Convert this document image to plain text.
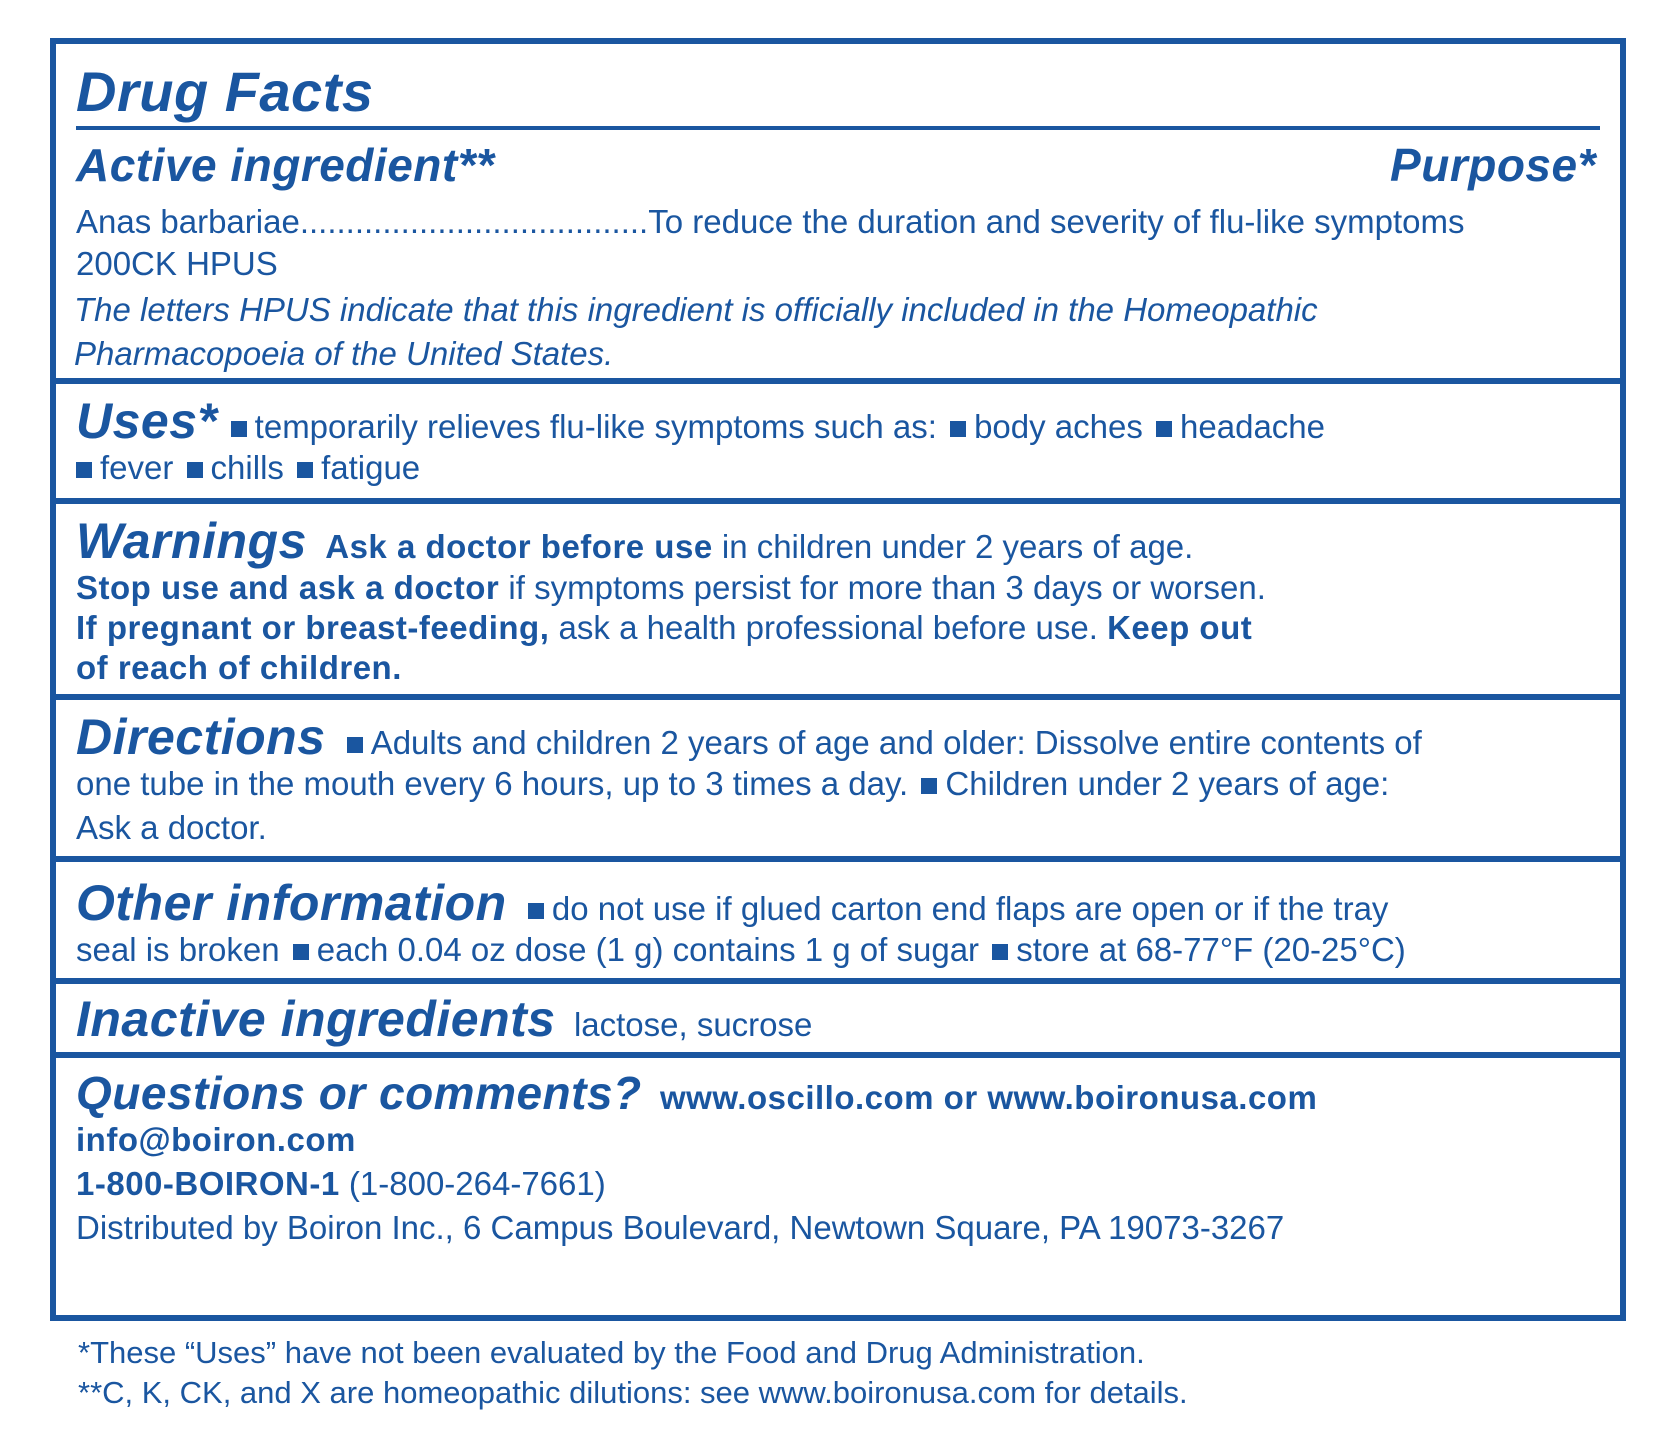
Drug Facts
Active ingredient**	Purpose*
Anas barbariae......................................To reduce the duration and severity of flu-like symptoms
200CK HPUS
The letters HPUS indicate that this ingredient is officially included in the Homeopathic
Pharmacopoeia of the United States.
Uses* temporarily relieves flu-like symptoms such as: body aches headache
fever chills fatigue
Warnings Ask a doctor before use in children under 2 years of age.
Stop use and ask a doctor if symptoms persist for more than 3 days or worsen.
If pregnant or breast-feeding, ask a health professional before use. Keep out
of reach of children.
Directions Adults and children 2 years of age and older: Dissolve entire contents of
one tube in the mouth every 6 hours, up to 3 times a day. Children under 2 years of age:
Ask a doctor.
Other information do not use if glued carton end flaps are open or if the tray
seal is broken each 0.04 oz dose (1 g) contains 1 g of sugar store at 68-77°F (20-25°C)
Inactive ingredients lactose, sucrose
Questions or comments? www.oscillo.com or www.boironusa.com
info@boiron.com
1-800-BOIRON-1 (1-800-264-7661)
Distributed by Boiron Inc., 6 Campus Boulevard, Newtown Square, PA 19073-3267
*These “Uses” have not been evaluated by the Food and Drug Administration.
**C, K, CK, and X are homeopathic dilutions: see www.boironusa.com for details.
